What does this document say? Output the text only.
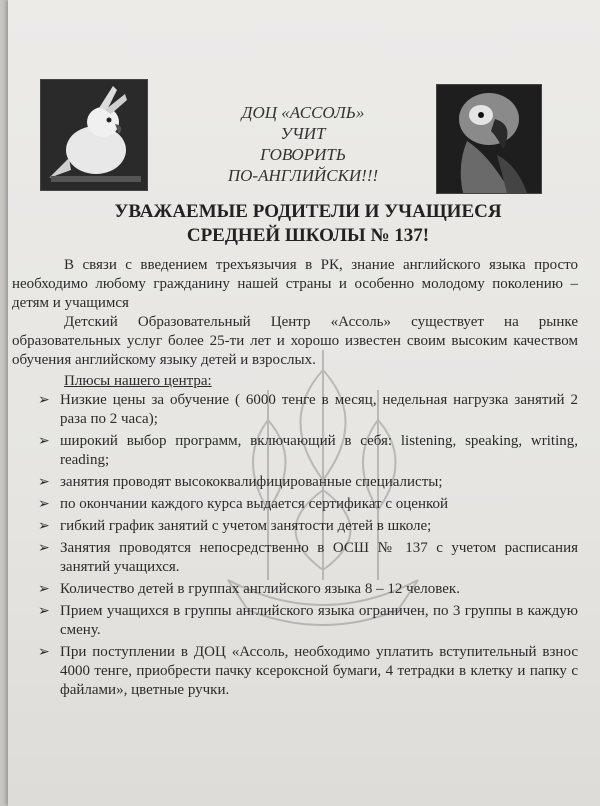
ДОЦ «АССОЛЬ»
УЧИТ
ГОВОРИТЬ
ПО-АНГЛИЙСКИ!!!
УВАЖАЕМЫЕ РОДИТЕЛИ И УЧАЩИЕСЯ
СРЕДНЕЙ ШКОЛЫ № 137!

В связи с введением трехъязычия в РК, знание английского языка просто необходимо любому гражданину нашей страны и особенно молодому поколению – детям и учащимся

Детский Образовательный Центр «Ассоль» существует на рынке образовательных услуг более 25-ти лет и хорошо известен своим высоким качеством обучения английскому языку детей и взрослых.

Плюсы нашего центра:

➢ Низкие цены за обучение ( 6000 тенге в месяц, недельная нагрузка занятий 2 раза по 2 часа);
➢ широкий выбор программ, включающий в себя: listening, speaking, writing, reading;
➢ занятия проводят высококвалифицированные специалисты;
➢ по окончании каждого курса выдается сертификат с оценкой
➢ гибкий график занятий с учетом занятости детей в школе;
➢ Занятия проводятся непосредственно в ОСШ № 137 с учетом расписания занятий учащихся.
➢ Количество детей в группах английского языка 8 – 12 человек.
➢ Прием учащихся в группы английского языка ограничен, по 3 группы в каждую смену.
➢ При поступлении в ДОЦ «Ассоль, необходимо уплатить вступительный взнос 4000 тенге, приобрести пачку ксероксной бумаги, 4 тетрадки в клетку и папку с файлами», цветные ручки.
